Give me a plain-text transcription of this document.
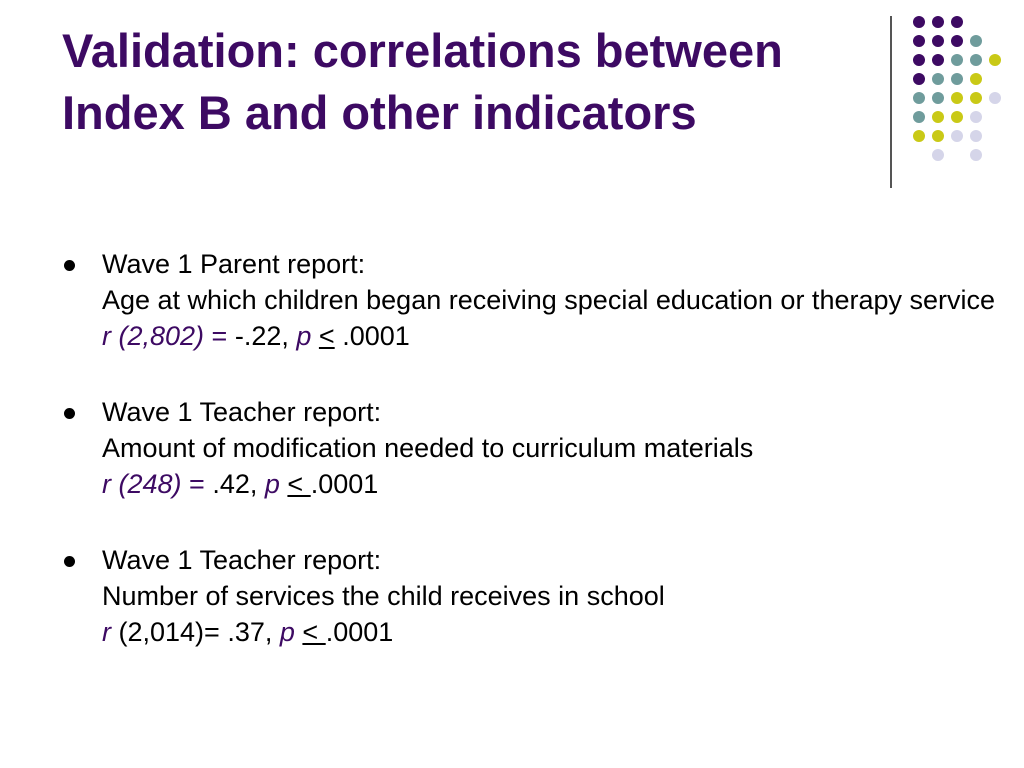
Validation: correlations between Index B and other indicators
Wave 1 Parent report:
Age at which children began receiving special education or therapy service
r (2,802) = -.22, p ≤ .0001
Wave 1 Teacher report:
Amount of modification needed to curriculum materials
r (248) = .42, p < .0001
Wave 1 Teacher report:
Number of services the child receives in school
r (2,014)= .37, p < .0001
